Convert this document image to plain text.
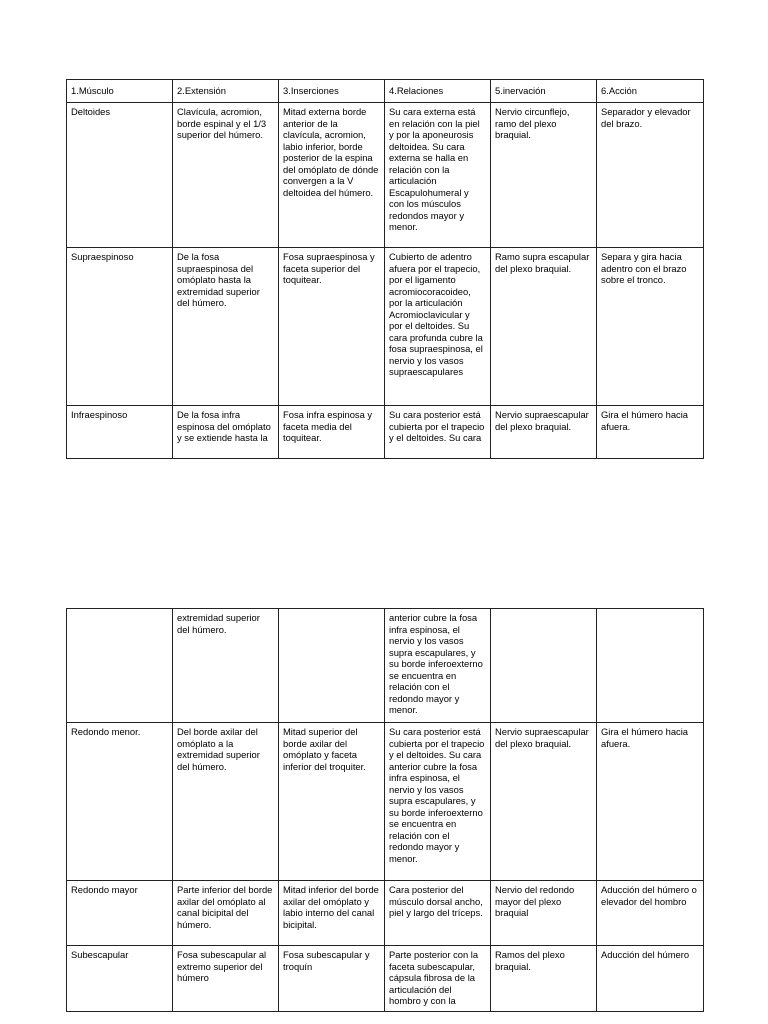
1.Músculo	2.Extensión	3.Inserciones	4.Relaciones	5.inervación	6.Acción
Deltoides	Clavícula, acromion, borde espinal y el 1/3 superior del húmero.	Mitad externa borde anterior de la clavícula, acromion, labio inferior, borde posterior de la espina del omóplato de dónde convergen a la V deltoidea del húmero.	Su cara externa está en relación con la piel y por la aponeurosis deltoidea. Su cara externa se halla en relación con la articulación Escapulohumeral y con los músculos redondos mayor y menor.	Nervio circunflejo, ramo del plexo braquial.	Separador y elevador del brazo.
Supraespinoso	De la fosa supraespinosa del omóplato hasta la extremidad superior del húmero.	Fosa supraespinosa y faceta superior del toquitear.	Cubierto de adentro afuera por el trapecio, por el ligamento acromiocoracoideo, por la articulación Acromioclavicular y por el deltoides. Su cara profunda cubre la fosa supraespinosa, el nervio y los vasos supraescapulares	Ramo supra escapular del plexo braquial.	Separa y gira hacia adentro con el brazo sobre el tronco.
Infraespinoso	De la fosa infra espinosa del omóplato y se extiende hasta la	Fosa infra espinosa y faceta media del toquitear.	Su cara posterior está cubierta por el trapecio y el deltoides. Su cara	Nervio supraescapular del plexo braquial.	Gira el húmero hacia afuera.
	extremidad superior del húmero.		anterior cubre la fosa infra espinosa, el nervio y los vasos supra escapulares, y su borde inferoexterno se encuentra en relación con el redondo mayor y menor.		
Redondo menor.	Del borde axilar del omóplato a la extremidad superior del húmero.	Mitad superior del borde axilar del omóplato y faceta inferior del troquiter.	Su cara posterior está cubierta por el trapecio y el deltoides. Su cara anterior cubre la fosa infra espinosa, el nervio y los vasos supra escapulares, y su borde inferoexterno se encuentra en relación con el redondo mayor y menor.	Nervio supraescapular del plexo braquial.	Gira el húmero hacia afuera.
Redondo mayor	Parte inferior del borde axilar del omóplato al canal bicipital del húmero.	Mitad inferior del borde axilar del omóplato y labio interno del canal bicipital.	Cara posterior del músculo dorsal ancho, piel y largo del tríceps.	Nervio del redondo mayor del plexo braquial	Aducción del húmero o elevador del hombro
Subescapular	Fosa subescapular al extremo superior del húmero	Fosa subescapular y troquín	Parte posterior con la faceta subescapular, cápsula fibrosa de la articulación del hombro y con la	Ramos del plexo braquial.	Aducción del húmero
